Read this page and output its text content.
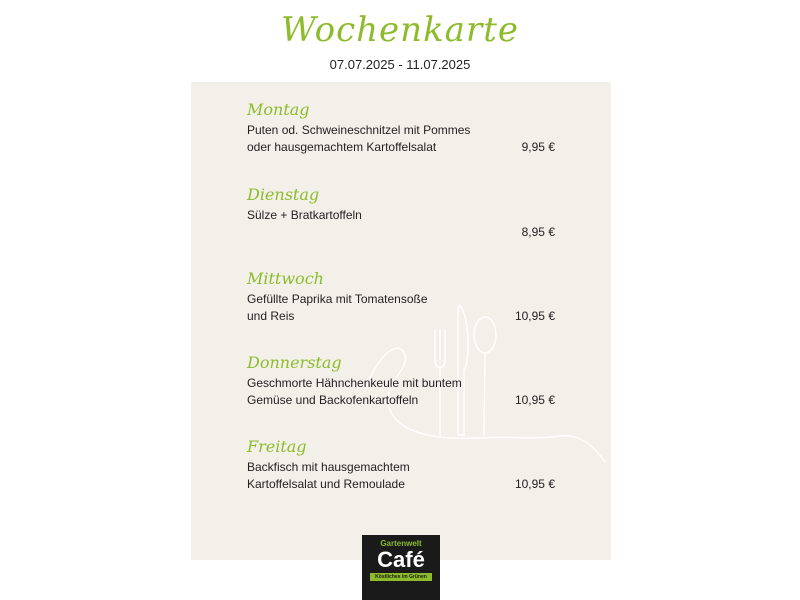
Wochenkarte
07.07.2025 - 11.07.2025
Montag
Puten od. Schweineschnitzel mit Pommes
oder hausgemachtem Kartoffelsalat	9,95 €
Dienstag
Sülze + Bratkartoffeln
8,95 €
Mittwoch
Gefüllte Paprika mit Tomatensoße
und Reis	10,95 €
Donnerstag
Geschmorte Hähnchenkeule mit buntem
Gemüse und Backofenkartoffeln	10,95 €
Freitag
Backfisch mit hausgemachtem
Kartoffelsalat und Remoulade	10,95 €
Gartenwelt
Café
Köstliches im Grünen
